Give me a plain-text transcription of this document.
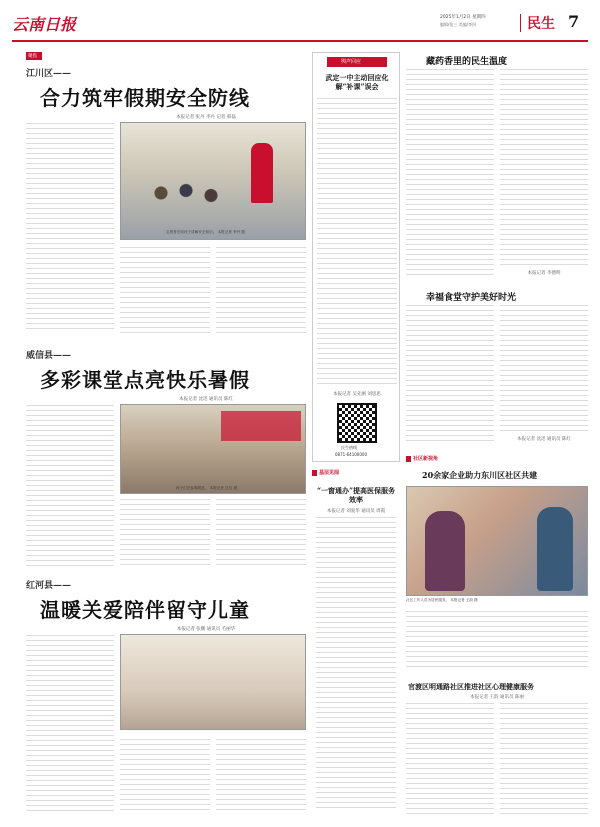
云南日报	2025年1月2日 星期四
编辑/张三 美编/李四	民生 7
聚焦
江川区——
合力筑牢假期安全防线
本报记者 张丹 李丹 记者 韩磊
志愿者在给孩子讲解安全知识。 本报记者 李丹 摄
威信县——
多彩课堂点亮快乐暑假
本报记者 沈迅 通讯员 陈红
孩子们在参观展览。 本报记者 沈迅 摄
红河县——
温暖关爱陪伴留守儿童
本报记者 张鹏 通讯员 毛丽华
舆声回应
武定一中主动回应化解“补课”误会
本报记者 吴先刚 刘思思
民生热线
0871-64100000
基层见闻
“一窗通办”提高医保服务效率
本报记者 刘爱华 通讯员 周霞
藏药香里的民生温度
本报记者 李德明
幸福食堂守护美好时光
本报记者 沈迅 通讯员 陈红
社区新视角
20余家企业助力东川区社区共建
社区工作人员为居民服务。 本报记者 王韵 摄
官渡区明通路社区推进社区心理健康服务
本报记者 王韵 通讯员 陈丽
